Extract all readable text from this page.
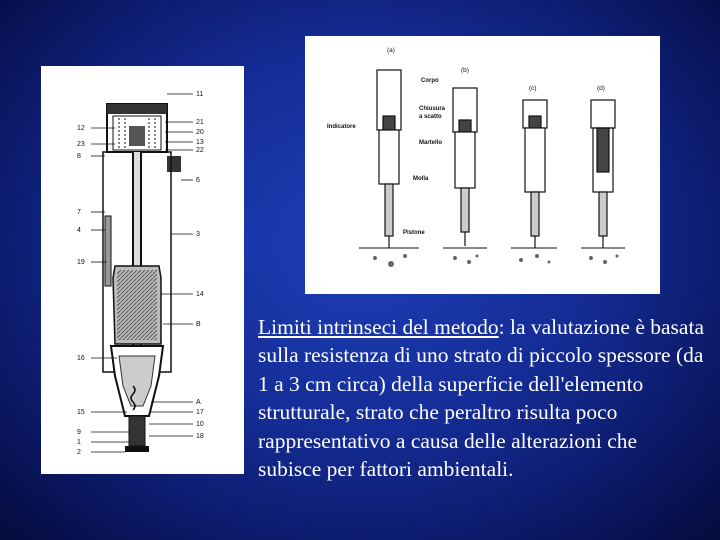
12
23
8
7
4
19
16
15
9
1
2
11
21
20
13
22
6
3
14
B
A
17
10
18
(a)
(b)
(c)	(d)
Corpo
Chiusura
a scatto
Indicatore
Martello
Molla
Pistone
Limiti intrinseci del metodo: la valutazione è basata sulla resistenza di uno strato di piccolo spessore (da 1 a 3 cm circa) della superficie dell'elemento strutturale, strato che peraltro risulta poco rappresentativo a causa delle alterazioni che subisce per fattori ambientali.
